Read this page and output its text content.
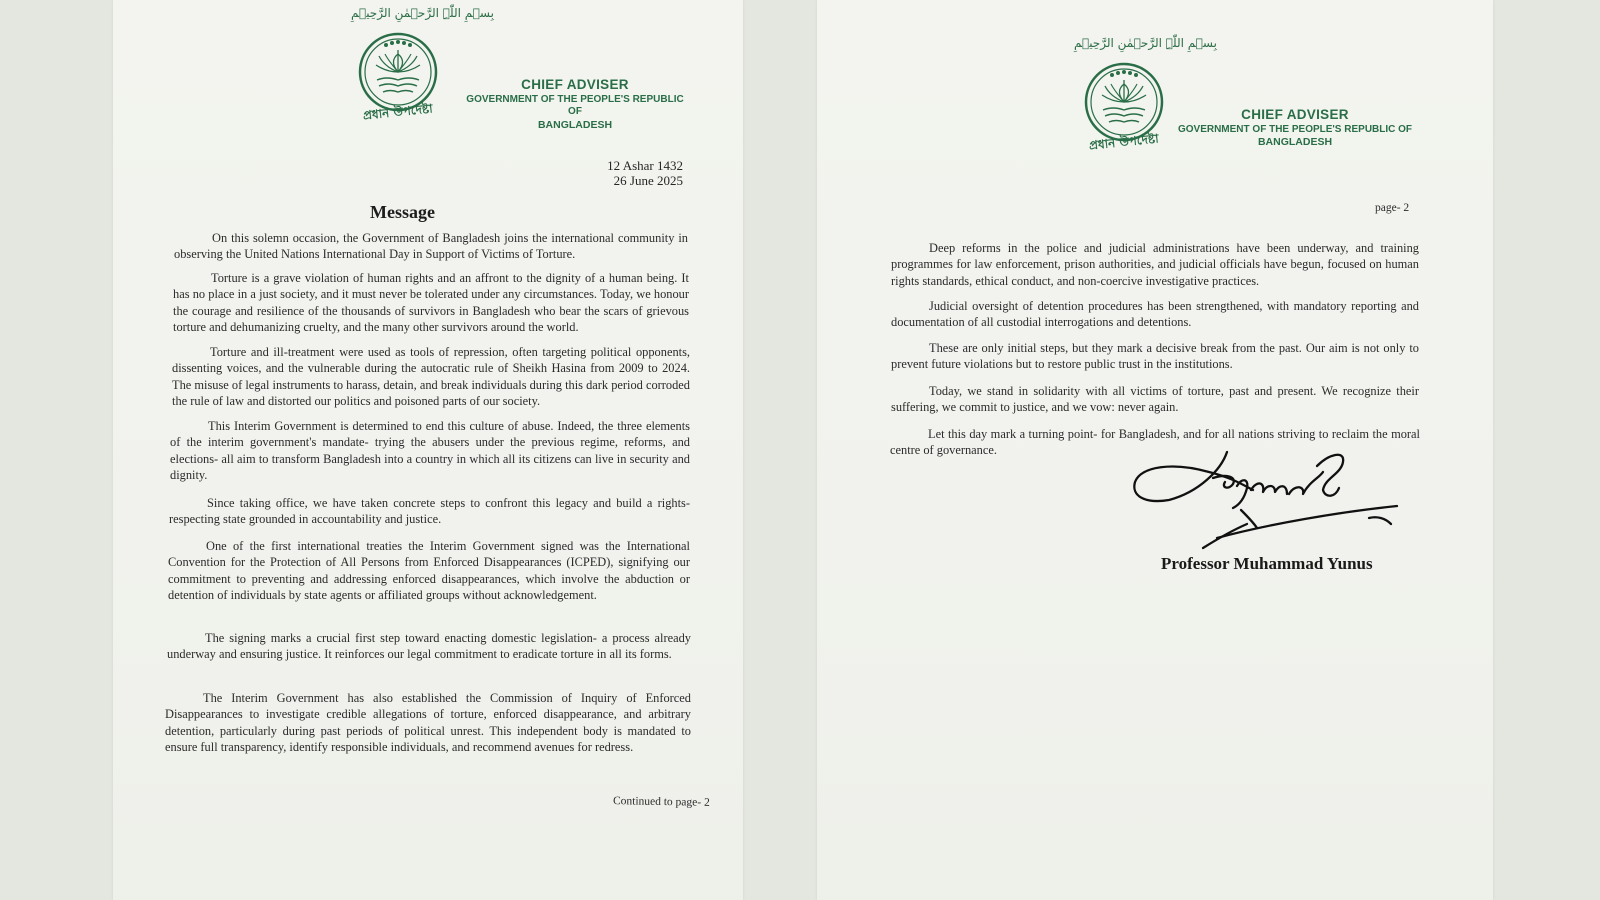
بِسۡمِ اللّٰہِ الرَّحۡمٰنِ الرَّحِیۡمِ
প্রধান উপদেষ্টা
CHIEF ADVISER
GOVERNMENT OF THE PEOPLE'S REPUBLIC OF
BANGLADESH
12 Ashar 1432
26 June 2025
Message

On this solemn occasion, the Government of Bangladesh joins the international community in observing the United Nations International Day in Support of Victims of Torture.

Torture is a grave violation of human rights and an affront to the dignity of a human being. It has no place in a just society, and it must never be tolerated under any circumstances. Today, we honour the courage and resilience of the thousands of survivors in Bangladesh who bear the scars of grievous torture and dehumanizing cruelty, and the many other survivors around the world.

Torture and ill-treatment were used as tools of repression, often targeting political opponents, dissenting voices, and the vulnerable during the autocratic rule of Sheikh Hasina from 2009 to 2024. The misuse of legal instruments to harass, detain, and break individuals during this dark period corroded the rule of law and distorted our politics and poisoned parts of our society.

This Interim Government is determined to end this culture of abuse. Indeed, the three elements of the interim government's mandate- trying the abusers under the previous regime, reforms, and elections- all aim to transform Bangladesh into a country in which all its citizens can live in security and dignity.

Since taking office, we have taken concrete steps to confront this legacy and build a rights-respecting state grounded in accountability and justice.

One of the first international treaties the Interim Government signed was the International Convention for the Protection of All Persons from Enforced Disappearances (ICPED), signifying our commitment to preventing and addressing enforced disappearances, which involve the abduction or detention of individuals by state agents or affiliated groups without acknowledgement.

The signing marks a crucial first step toward enacting domestic legislation- a process already underway and ensuring justice. It reinforces our legal commitment to eradicate torture in all its forms.

The Interim Government has also established the Commission of Inquiry of Enforced Disappearances to investigate credible allegations of torture, enforced disappearance, and arbitrary detention, particularly during past periods of political unrest. This independent body is mandated to ensure full transparency, identify responsible individuals, and recommend avenues for redress.

Continued to page- 2
بِسۡمِ اللّٰہِ الرَّحۡمٰنِ الرَّحِیۡمِ
প্রধান উপদেষ্টা
CHIEF ADVISER
GOVERNMENT OF THE PEOPLE'S REPUBLIC OF
BANGLADESH
page- 2

Deep reforms in the police and judicial administrations have been underway, and training programmes for law enforcement, prison authorities, and judicial officials have begun, focused on human rights standards, ethical conduct, and non-coercive investigative practices.

Judicial oversight of detention procedures has been strengthened, with mandatory reporting and documentation of all custodial interrogations and detentions.

These are only initial steps, but they mark a decisive break from the past. Our aim is not only to prevent future violations but to restore public trust in the institutions.

Today, we stand in solidarity with all victims of torture, past and present. We recognize their suffering, we commit to justice, and we vow: never again.

Let this day mark a turning point- for Bangladesh, and for all nations striving to reclaim the moral centre of governance.

Professor Muhammad Yunus
